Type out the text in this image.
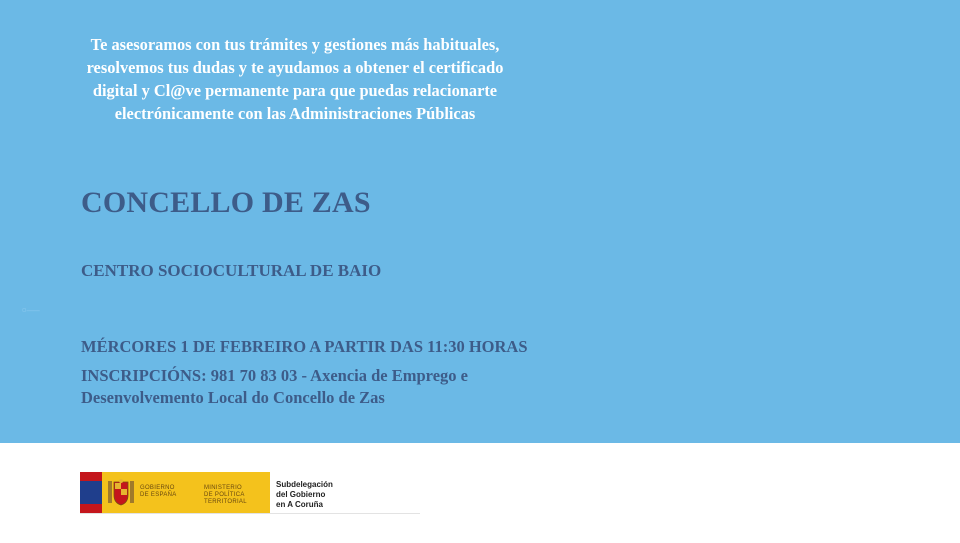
Te asesoramos con tus trámites y gestiones más habituales,
resolvemos tus dudas y te ayudamos a obtener el certificado
digital y Cl@ve permanente para que puedas relacionarte
electrónicamente con las Administraciones Públicas
CONCELLO DE ZAS
CENTRO SOCIOCULTURAL DE BAIO
▫—
MÉRCORES 1 DE FEBREIRO A PARTIR DAS 11:30 HORAS
INSCRIPCIÓNS: 981 70 83 03 - Axencia de Emprego e
Desenvolvemento Local do Concello de Zas
GOBIERNO
DE ESPAÑA
MINISTERIO
DE POLÍTICA TERRITORIAL
Subdelegación
del Gobierno
en A Coruña
